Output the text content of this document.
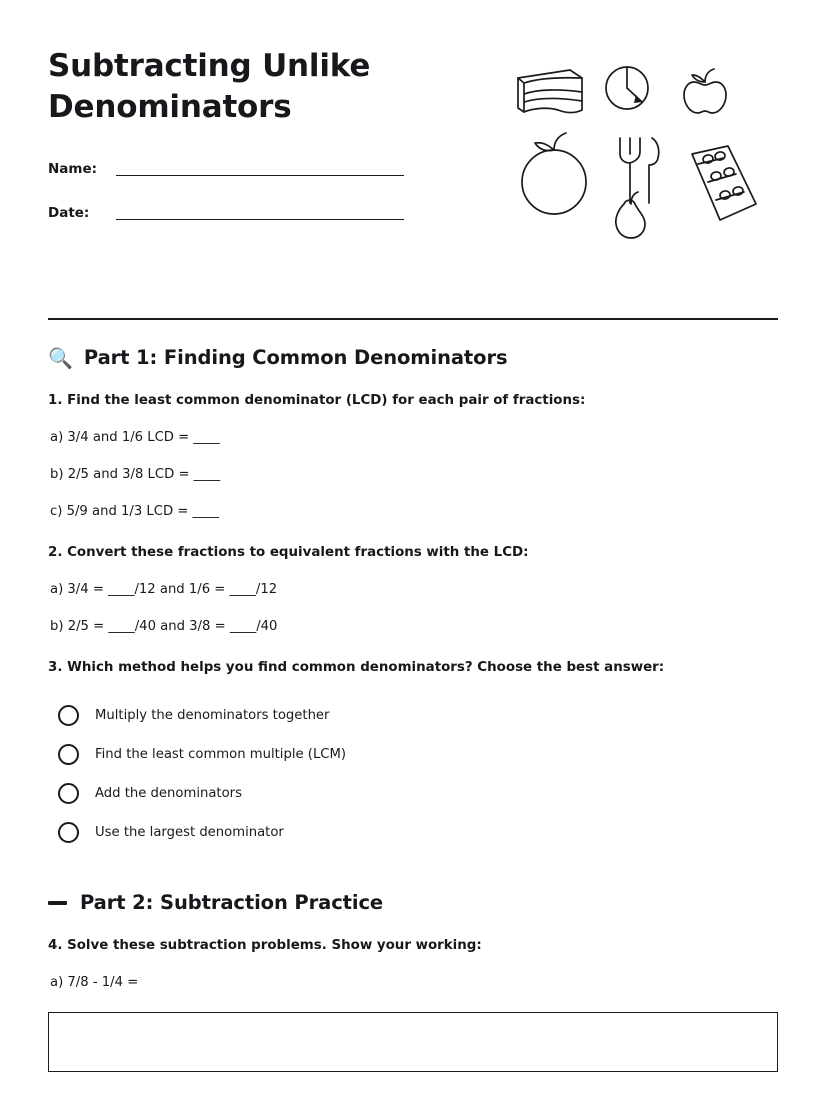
Subtracting Unlike Denominators
Name:
Date:
🔍 Part 1: Finding Common Denominators
1. Find the least common denominator (LCD) for each pair of fractions:
a) 3/4 and 1/6 LCD = ____
b) 2/5 and 3/8 LCD = ____
c) 5/9 and 1/3 LCD = ____
2. Convert these fractions to equivalent fractions with the LCD:
a) 3/4 = ____/12 and 1/6 = ____/12
b) 2/5 = ____/40 and 3/8 = ____/40
3. Which method helps you find common denominators? Choose the best answer:
Multiply the denominators together
Find the least common multiple (LCM)
Add the denominators
Use the largest denominator
Part 2: Subtraction Practice
4. Solve these subtraction problems. Show your working:
a) 7/8 - 1/4 =
